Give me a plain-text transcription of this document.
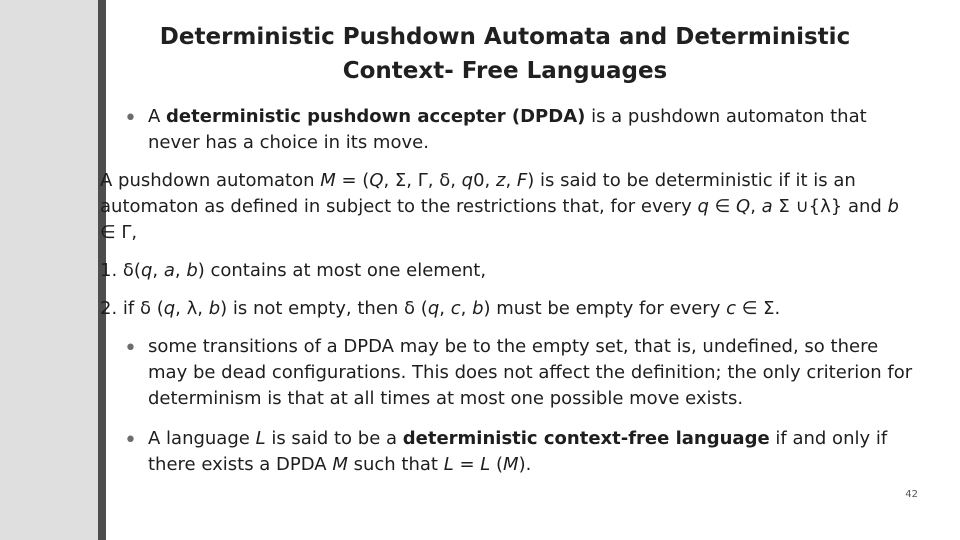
Deterministic Pushdown Automata and Deterministic
Context- Free Languages
• A deterministic pushdown accepter (DPDA) is a pushdown automaton that never has a choice in its move.

A pushdown automaton M = (Q, Σ, Γ, δ, q0, z, F) is said to be deterministic if it is an automaton as defined in subject to the restrictions that, for every q ∈ Q, a Σ ∪{λ} and b ∈ Γ,

1. δ(q, a, b) contains at most one element,

2. if δ (q, λ, b) is not empty, then δ (q, c, b) must be empty for every c ∈ Σ.

• some transitions of a DPDA may be to the empty set, that is, undefined, so there may be dead configurations. This does not affect the definition; the only criterion for determinism is that at all times at most one possible move exists.

• A language L is said to be a deterministic context-free language if and only if there exists a DPDA M such that L = L (M).

42
